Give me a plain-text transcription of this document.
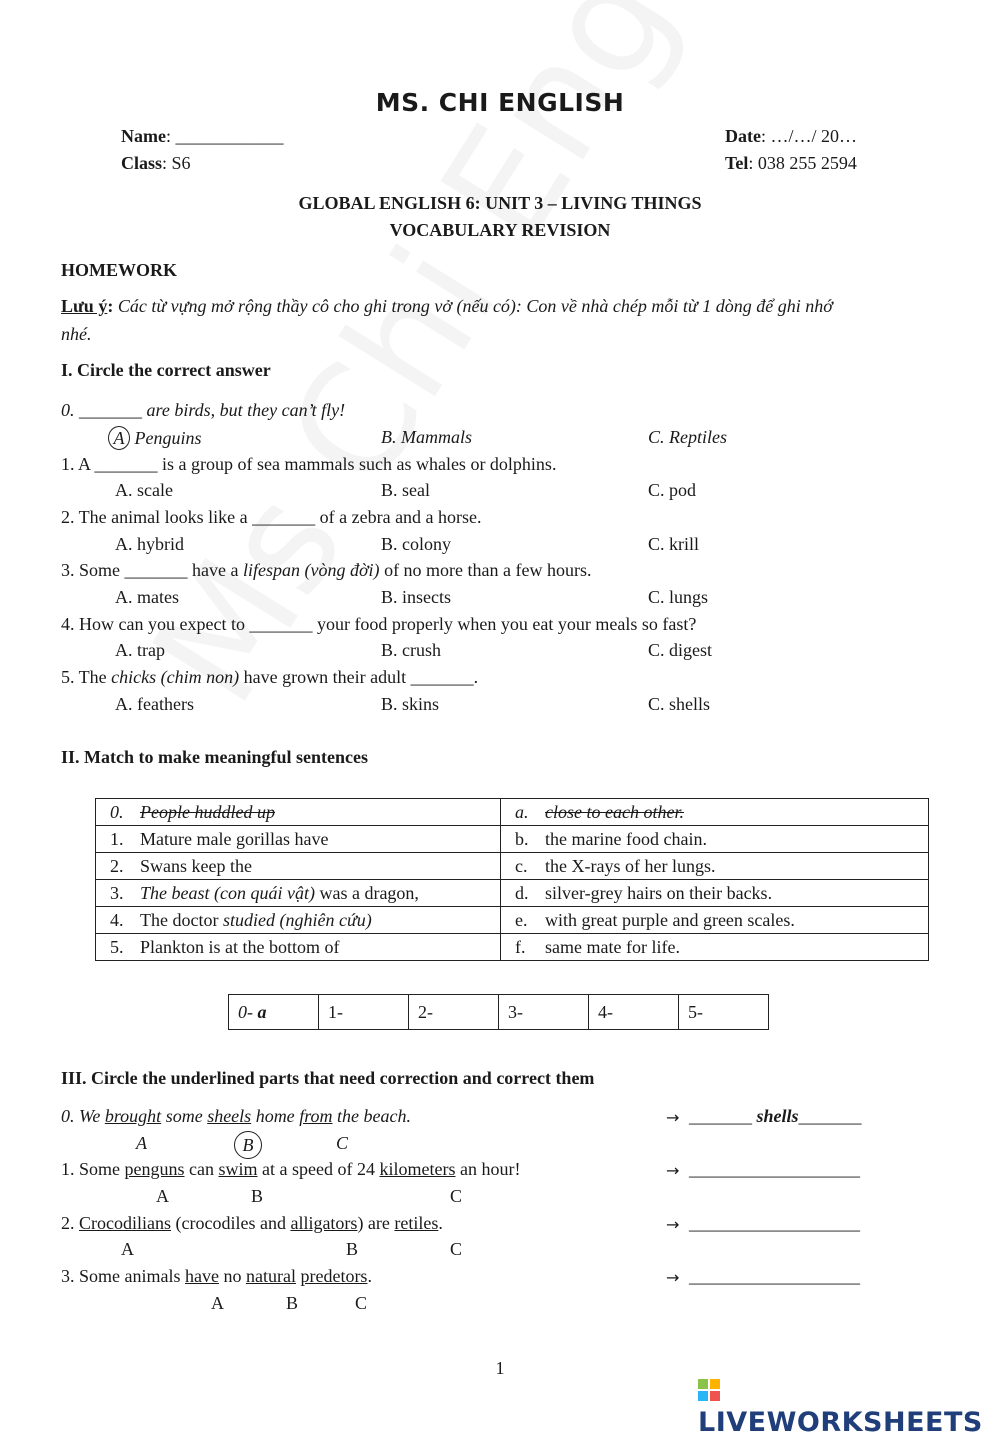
MS. CHI ENGLISH
Name: ____________	Date: …/…/ 20…
Class: S6	Tel: 038 255 2594
GLOBAL ENGLISH 6: UNIT 3 – LIVING THINGS
VOCABULARY REVISION
HOMEWORK
Lưu ý: Các từ vựng mở rộng thầy cô cho ghi trong vở (nếu có): Con về nhà chép mỗi từ 1 dòng để ghi nhớ
nhé.
I. Circle the correct answer
0. _______ are birds, but they can’t fly!
A Penguins	B. Mammals	C. Reptiles
1. A _______ is a group of sea mammals such as whales or dolphins.
A. scale	B. seal	C. pod
2. The animal looks like a _______ of a zebra and a horse.
A. hybrid	B. colony	C. krill
3. Some _______ have a lifespan (vòng đời) of no more than a few hours.
A. mates	B. insects	C. lungs
4. How can you expect to _______ your food properly when you eat your meals so fast?
A. trap	B. crush	C. digest
5. The chicks (chim non) have grown their adult _______.
A. feathers	B. skins	C. shells
II. Match to make meaningful sentences
0. People huddled up	a. close to each other.
1. Mature male gorillas have	b. the marine food chain.
2. Swans keep the	c. the X-rays of her lungs.
3. The beast (con quái vật) was a dragon,	d. silver-grey hairs on their backs.
4. The doctor studied (nghiên cứu)	e. with great purple and green scales.
5. Plankton is at the bottom of	f. same mate for life.
0- a	1-	2-	3-	4-	5-
III. Circle the underlined parts that need correction and correct them
0. We brought some sheels home from the beach.	→ _______ shells_______
A	B	C
1. Some penguns can swim at a speed of 24 kilometers an hour!	→ ___________________
A	B	C
2. Crocodilians (crocodiles and alligators) are retiles.	→ ___________________
A	B	C
3. Some animals have no natural predetors.	→ ___________________
A	B	C
1
LIVEWORKSHEETS
